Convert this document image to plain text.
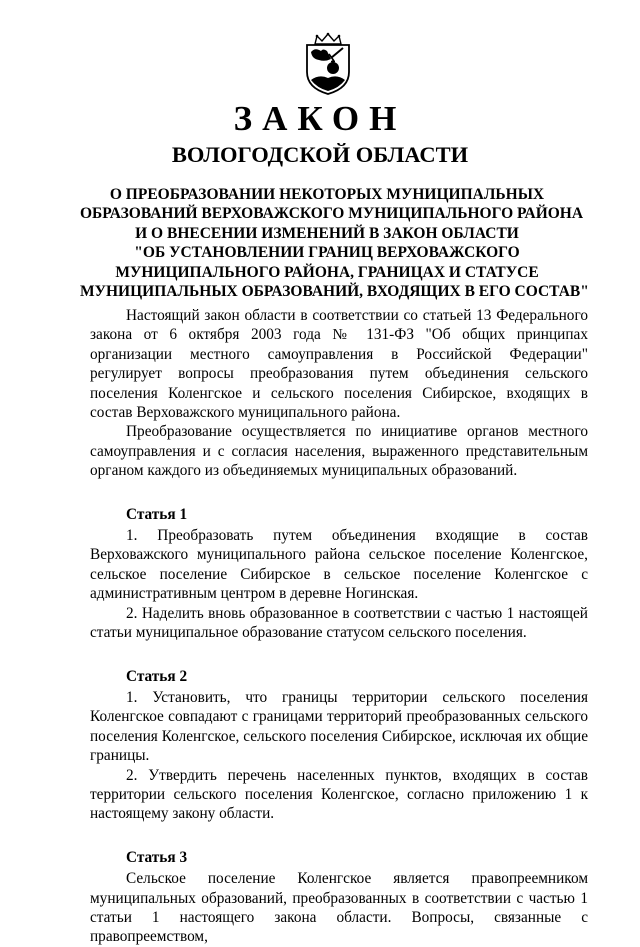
ЗАКОН
ВОЛОГОДСКОЙ ОБЛАСТИ
О ПРЕОБРАЗОВАНИИ НЕКОТОРЫХ МУНИЦИПАЛЬНЫХ
ОБРАЗОВАНИЙ ВЕРХОВАЖСКОГО МУНИЦИПАЛЬНОГО РАЙОНА
И О ВНЕСЕНИИ ИЗМЕНЕНИЙ В ЗАКОН ОБЛАСТИ
"ОБ УСТАНОВЛЕНИИ ГРАНИЦ ВЕРХОВАЖСКОГО
МУНИЦИПАЛЬНОГО РАЙОНА, ГРАНИЦАХ И СТАТУСЕ
МУНИЦИПАЛЬНЫХ ОБРАЗОВАНИЙ, ВХОДЯЩИХ В ЕГО СОСТАВ"

Настоящий закон области в соответствии со статьей 13 Федерального закона от 6 октября 2003 года № 131-ФЗ "Об общих принципах организации местного самоуправления в Российской Федерации" регулирует вопросы преобразования путем объединения сельского поселения Коленгское и сельского поселения Сибирское, входящих в состав Верховажского муниципального района.

Преобразование осуществляется по инициативе органов местного самоуправления и с согласия населения, выраженного представительным органом каждого из объединяемых муниципальных образований.

Статья 1

1. Преобразовать путем объединения входящие в состав Верховажского муниципального района сельское поселение Коленгское, сельское поселение Сибирское в сельское поселение Коленгское с административным центром в деревне Ногинская.

2. Наделить вновь образованное в соответствии с частью 1 настоящей статьи муниципальное образование статусом сельского поселения.

Статья 2

1. Установить, что границы территории сельского поселения Коленгское совпадают с границами территорий преобразованных сельского поселения Коленгское, сельского поселения Сибирское, исключая их общие границы.

2. Утвердить перечень населенных пунктов, входящих в состав территории сельского поселения Коленгское, согласно приложению 1 к настоящему закону области.

Статья 3

Сельское поселение Коленгское является правопреемником муниципальных образований, преобразованных в соответствии с частью 1 статьи 1 настоящего закона области. Вопросы, связанные с правопреемством,
